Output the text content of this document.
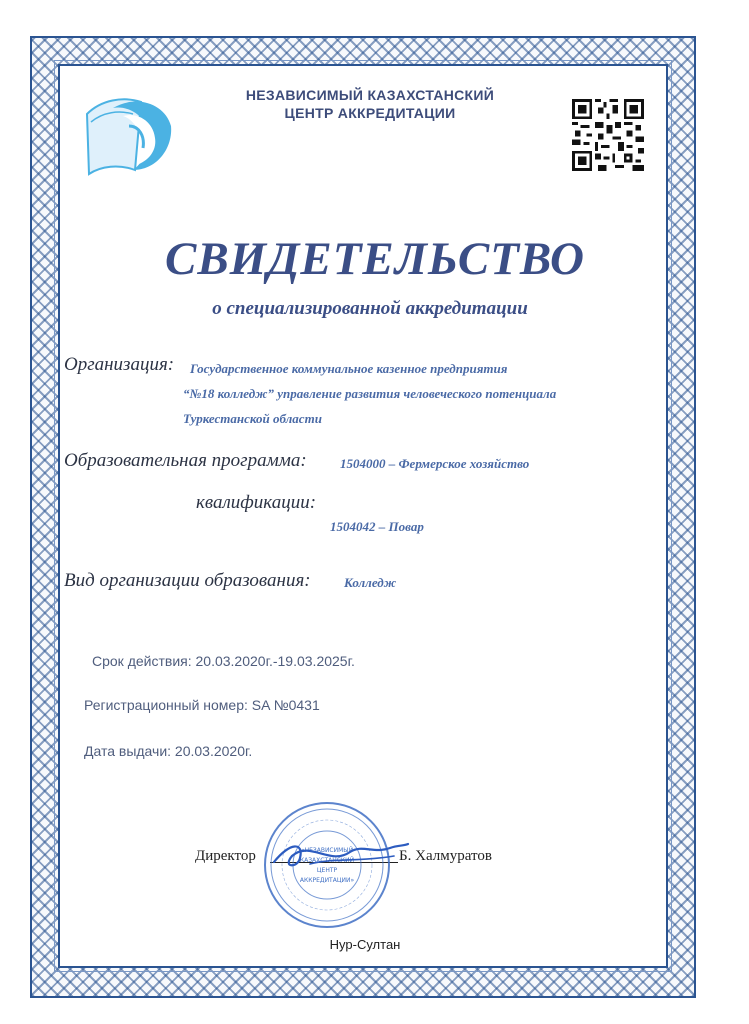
НЕЗАВИСИМЫЙ КАЗАХСТАНСКИЙ
ЦЕНТР АККРЕДИТАЦИИ
СВИДЕТЕЛЬСТВО
о специализированной аккредитации
Организация: Государственное коммунальное казенное предприятия
“№18 колледж” управление развития человеческого потенциала
Туркестанской области
Образовательная программа:	1504000 – Фермерское хозяйство
квалификации:
1504042 – Повар
Вид организации образования:	Колледж
Срок действия: 20.03.2020г.-19.03.2025г.
Регистрационный номер: SA №0431
Дата выдачи: 20.03.2020г.
Директор	Б. Халмуратов
«НЕЗАВИСИМЫЙ
КАЗАХСТАНСКИЙ
ЦЕНТР
АККРЕДИТАЦИИ»
Нур-Султан
